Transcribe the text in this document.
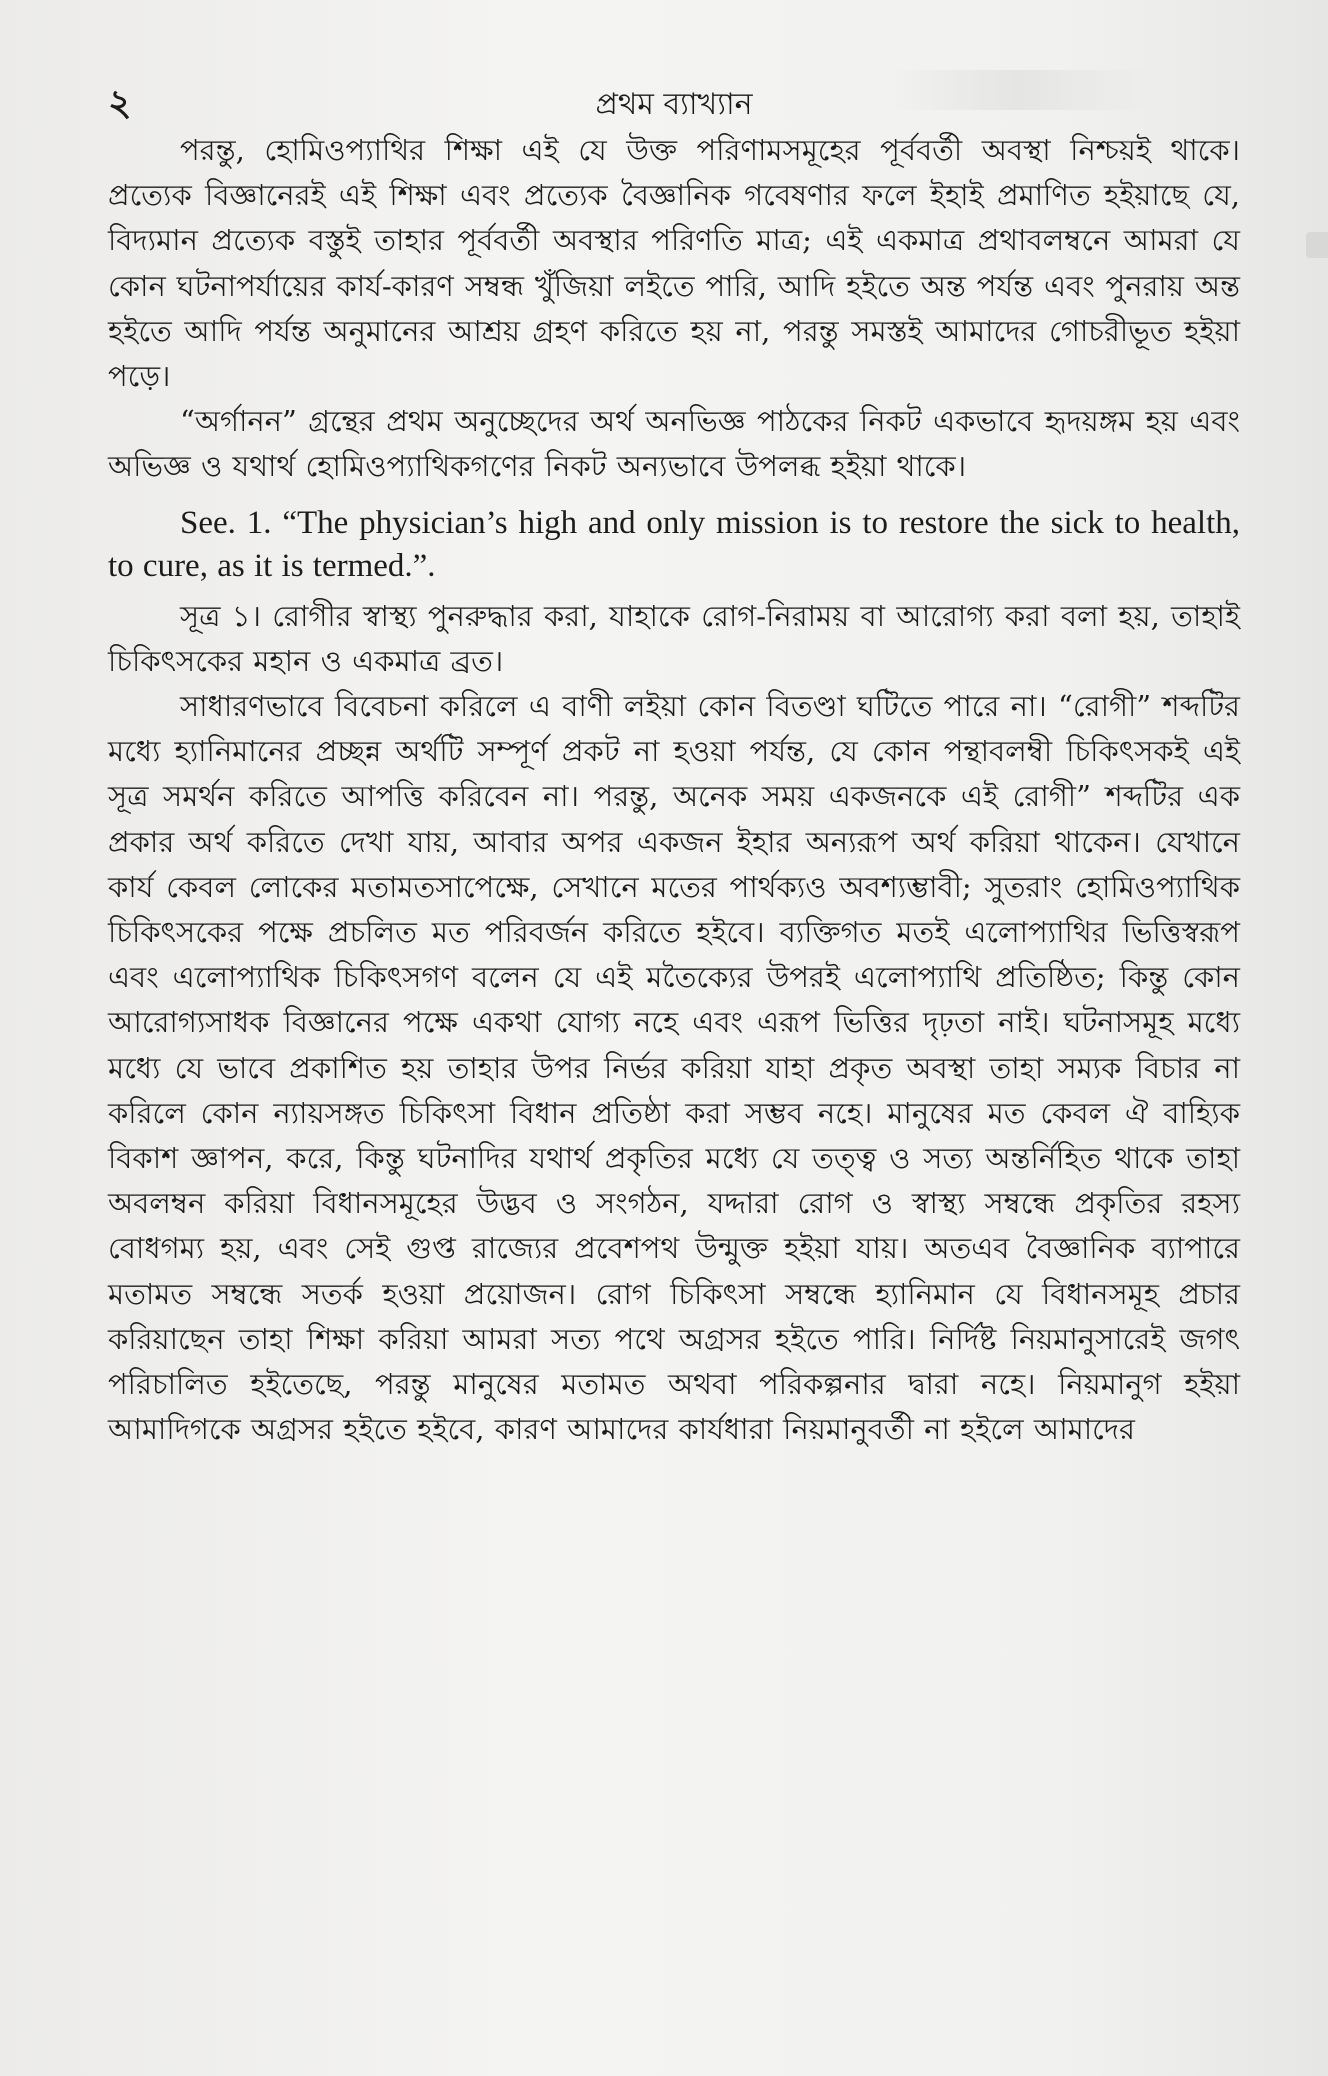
২	প্রথম ব্যাখ্যান

পরন্তু, হোমিওপ্যাথির শিক্ষা এই যে উক্ত পরিণামসমূহের পূর্ববর্তী অবস্থা নিশ্চয়ই থাকে। প্রত্যেক বিজ্ঞানেরই এই শিক্ষা এবং প্রত্যেক বৈজ্ঞানিক গবেষণার ফলে ইহাই প্রমাণিত হইয়াছে যে, বিদ্যমান প্রত্যেক বস্তুই তাহার পূর্ববর্তী অবস্থার পরিণতি মাত্র; এই একমাত্র প্রথাবলম্বনে আমরা যে কোন ঘটনাপর্যায়ের কার্য-কারণ সম্বন্ধ খুঁজিয়া লইতে পারি, আদি হইতে অন্ত পর্যন্ত এবং পুনরায় অন্ত হইতে আদি পর্যন্ত অনুমানের আশ্রয় গ্রহণ করিতে হয় না, পরন্তু সমস্তই আমাদের গোচরীভূত হইয়া পড়ে।

“অর্গানন” গ্রন্থের প্রথম অনুচ্ছেদের অর্থ অনভিজ্ঞ পাঠকের নিকট একভাবে হৃদয়ঙ্গম হয় এবং অভিজ্ঞ ও যথার্থ হোমিওপ্যাথিকগণের নিকট অন্যভাবে উপলব্ধ হইয়া থাকে।

See. 1. “The physician’s high and only mission is to restore the sick to health, to cure, as it is termed.”.

সূত্র ১। রোগীর স্বাস্থ্য পুনরুদ্ধার করা, যাহাকে রোগ-নিরাময় বা আরোগ্য করা বলা হয়, তাহাই চিকিৎসকের মহান ও একমাত্র ব্রত।

সাধারণভাবে বিবেচনা করিলে এ বাণী লইয়া কোন বিতণ্ডা ঘটিতে পারে না। “রোগী” শব্দটির মধ্যে হ্যানিমানের প্রচ্ছন্ন অর্থটি সম্পূর্ণ প্রকট না হওয়া পর্যন্ত, যে কোন পন্থাবলম্বী চিকিৎসকই এই সূত্র সমর্থন করিতে আপত্তি করিবেন না। পরন্তু, অনেক সময় একজনকে এই রোগী” শব্দটির এক প্রকার অর্থ করিতে দেখা যায়, আবার অপর একজন ইহার অন্যরূপ অর্থ করিয়া থাকেন। যেখানে কার্য কেবল লোকের মতামতসাপেক্ষে, সেখানে মতের পার্থক্যও অবশ্যম্ভাবী; সুতরাং হোমিওপ্যাথিক চিকিৎসকের পক্ষে প্রচলিত মত পরিবর্জন করিতে হইবে। ব্যক্তিগত মতই এলোপ্যাথির ভিত্তিস্বরূপ এবং এলোপ্যাথিক চিকিৎসগণ বলেন যে এই মতৈক্যের উপরই এলোপ্যাথি প্রতিষ্ঠিত; কিন্তু কোন আরোগ্যসাধক বিজ্ঞানের পক্ষে একথা যোগ্য নহে এবং এরূপ ভিত্তির দৃঢ়তা নাই। ঘটনাসমূহ মধ্যে মধ্যে যে ভাবে প্রকাশিত হয় তাহার উপর নির্ভর করিয়া যাহা প্রকৃত অবস্থা তাহা সম্যক বিচার না করিলে কোন ন্যায়সঙ্গত চিকিৎসা বিধান প্রতিষ্ঠা করা সম্ভব নহে। মানুষের মত কেবল ঐ বাহ্যিক বিকাশ জ্ঞাপন, করে, কিন্তু ঘটনাদির যথার্থ প্রকৃতির মধ্যে যে তত্ত্ব ও সত্য অন্তর্নিহিত থাকে তাহা অবলম্বন করিয়া বিধানসমূহের উদ্ভব ও সংগঠন, যদ্দারা রোগ ও স্বাস্থ্য সম্বন্ধে প্রকৃতির রহস্য বোধগম্য হয়, এবং সেই গুপ্ত রাজ্যের প্রবেশপথ উন্মুক্ত হইয়া যায়। অতএব বৈজ্ঞানিক ব্যাপারে মতামত সম্বন্ধে সতর্ক হওয়া প্রয়োজন। রোগ চিকিৎসা সম্বন্ধে হ্যানিমান যে বিধানসমূহ প্রচার করিয়াছেন তাহা শিক্ষা করিয়া আমরা সত্য পথে অগ্রসর হইতে পারি। নির্দিষ্ট নিয়মানুসারেই জগৎ পরিচালিত হইতেছে, পরন্তু মানুষের মতামত অথবা পরিকল্পনার দ্বারা নহে। নিয়মানুগ হইয়া আমাদিগকে অগ্রসর হইতে হইবে, কারণ আমাদের কার্যধারা নিয়মানুবর্তী না হইলে আমাদের
